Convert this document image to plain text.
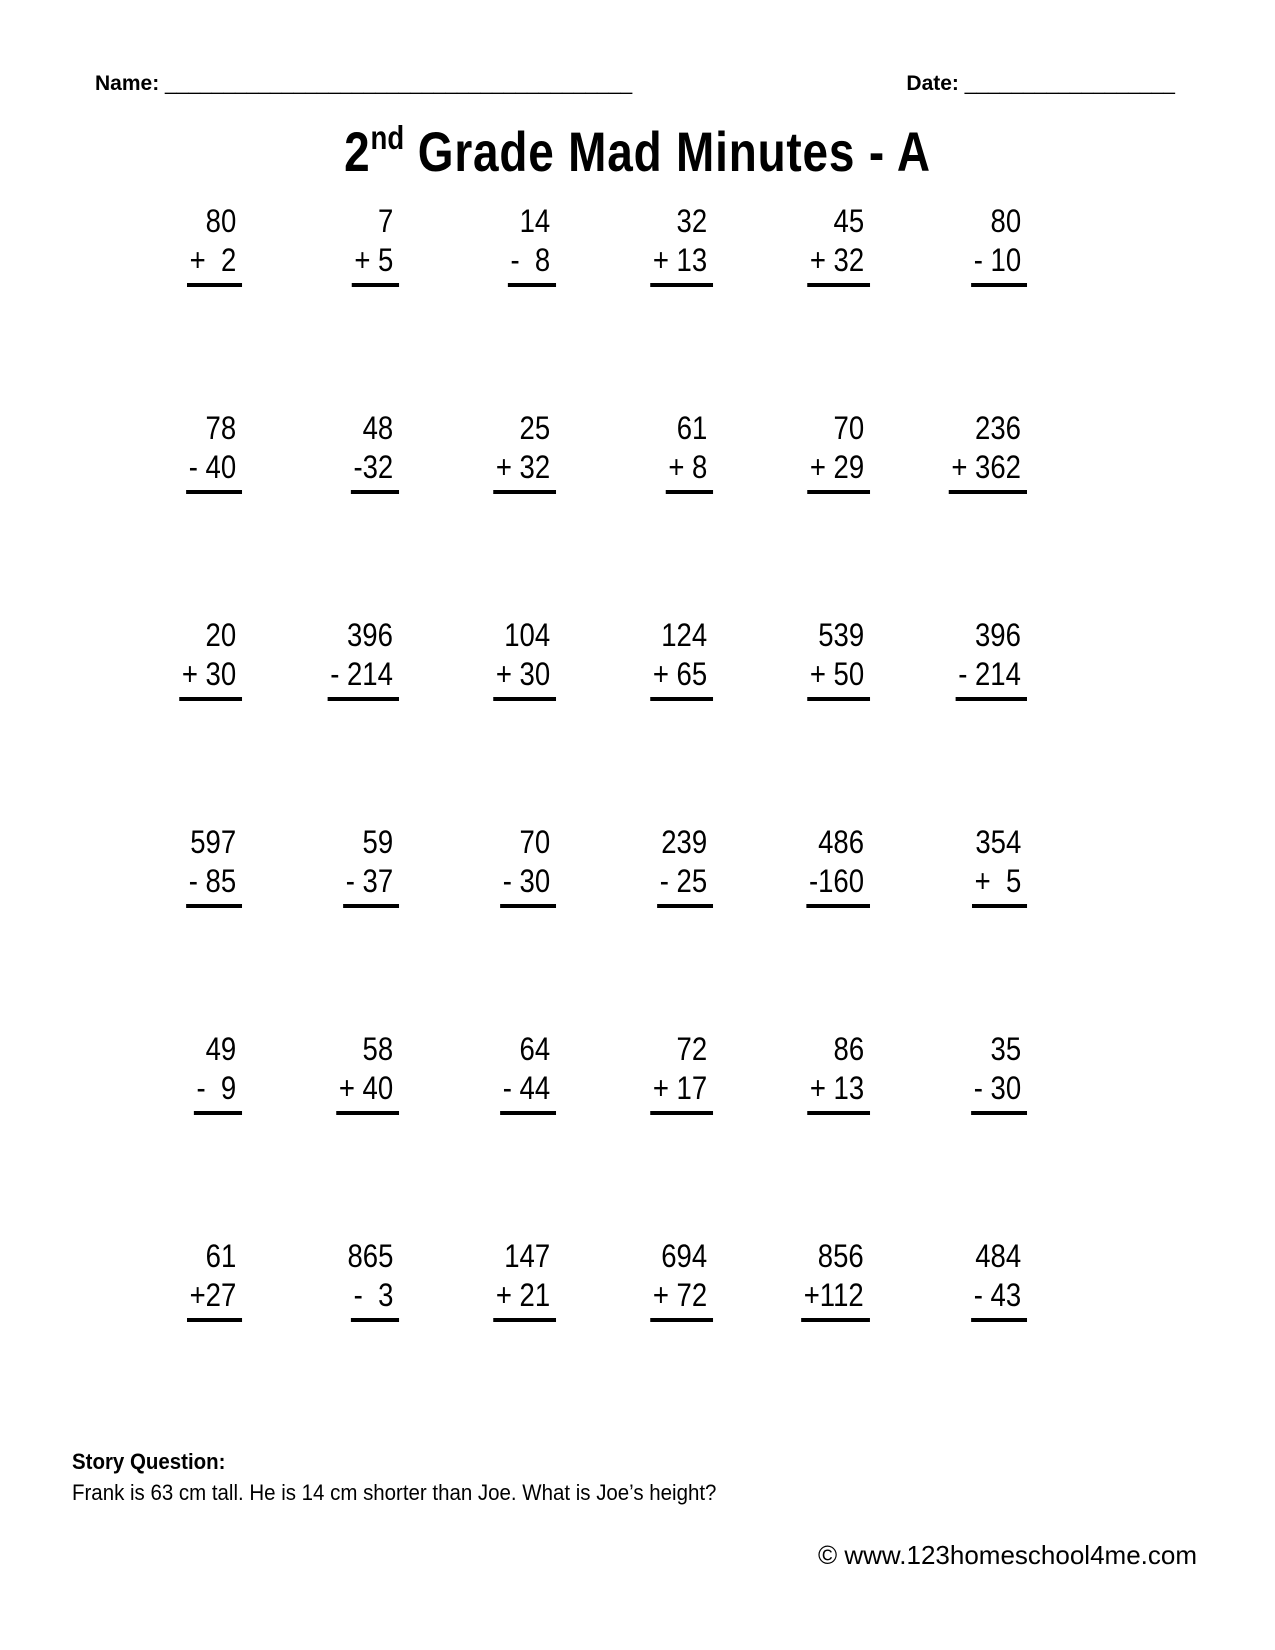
Name: ________________________________________	Date: __________________
2nd Grade Mad Minutes - A
80
+  2
7
+ 5
14
-  8
32
+ 13
45
+ 32
80
- 10
78
- 40
48
-32
25
+ 32
61
+ 8
70
+ 29
236
+ 362
20
+ 30
396
- 214
104
+ 30
124
+ 65
539
+ 50
396
- 214
597
- 85
59
- 37
70
- 30
239
- 25
486
-160
354
+  5
49
-  9
58
+ 40
64
- 44
72
+ 17
86
+ 13
35
- 30
61
+27
865
-  3
147
+ 21
694
+ 72
856
+112
484
- 43
Story Question:
Frank is 63 cm tall. He is 14 cm shorter than Joe. What is Joe’s height?
© www.123homeschool4me.com
